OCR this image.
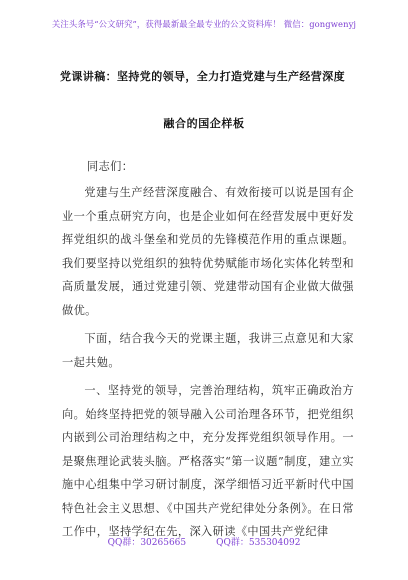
关注头条号“公文研究”，获得最新最全最专业的公文资料库！ 微信：gongwenyj
党课讲稿：坚持党的领导，全力打造党建与生产经营深度
融合的国企样板
同志们：

党建与生产经营深度融合、有效衔接可以说是国有企业一个重点研究方向，也是企业如何在经营发展中更好发挥党组织的战斗堡垒和党员的先锋模范作用的重点课题。我们要坚持以党组织的独特优势赋能市场化实体化转型和高质量发展，通过党建引领、党建带动国有企业做大做强做优。

下面，结合我今天的党课主题，我讲三点意见和大家一起共勉。

一、坚持党的领导，完善治理结构，筑牢正确政治方向。始终坚持把党的领导融入公司治理各环节，把党组织内嵌到公司治理结构之中，充分发挥党组织领导作用。一是聚焦理论武装头脑。严格落实“第一议题”制度，建立实施中心组集中学习研讨制度，深学细悟习近平新时代中国特色社会主义思想、《中国共产党纪律处分条例》。在日常工作中，坚持学纪在先，深入研读《中国共产党纪律

QQ群：30265665	QQ群：535304092
